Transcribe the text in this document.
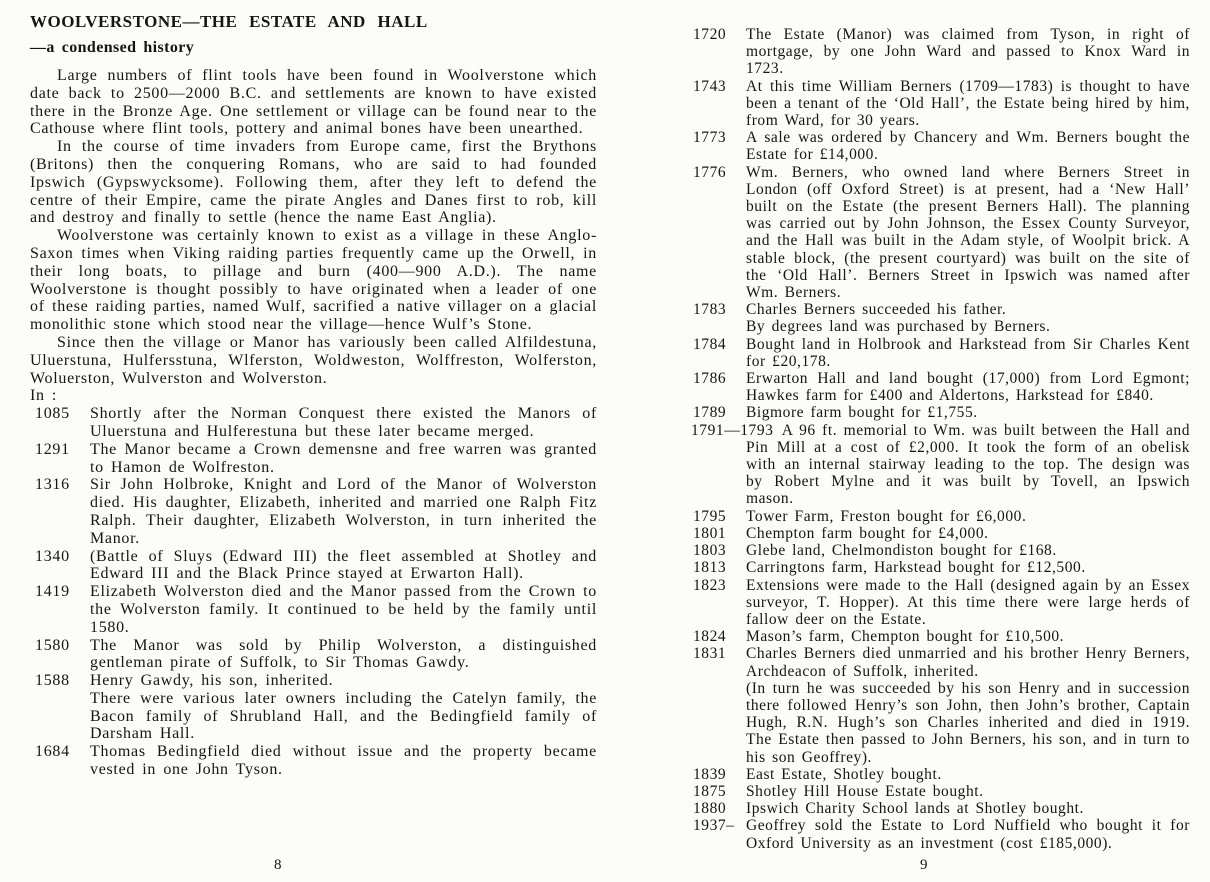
WOOLVERSTONE—THE ESTATE AND HALL
—a condensed history

Large numbers of flint tools have been found in Woolverstone which date back to 2500—2000 B.C. and settlements are known to have existed there in the Bronze Age. One settlement or village can be found near to the Cathouse where flint tools, pottery and animal bones have been unearthed.

In the course of time invaders from Europe came, first the Brythons (Britons) then the conquering Romans, who are said to had founded Ipswich (Gypswycksome). Following them, after they left to defend the centre of their Empire, came the pirate Angles and Danes first to rob, kill and destroy and finally to settle (hence the name East Anglia).

Woolverstone was certainly known to exist as a village in these Anglo-Saxon times when Viking raiding parties frequently came up the Orwell, in their long boats, to pillage and burn (400—900 A.D.). The name Woolverstone is thought possibly to have originated when a leader of one of these raiding parties, named Wulf, sacrified a native villager on a glacial monolithic stone which stood near the village—hence Wulf’s Stone.

Since then the village or Manor has variously been called Alfildestuna, Uluerstuna, Hulfersstuna, Wlferston, Woldweston, Wolffreston, Wolferston, Woluerston, Wulverston and Wolverston.

In :
1085	Shortly after the Norman Conquest there existed the Manors of Uluerstuna and Hulferestuna but these later became merged.
1291	The Manor became a Crown demensne and free warren was granted to Hamon de Wolfreston.
1316	Sir John Holbroke, Knight and Lord of the Manor of Wolverston died. His daughter, Elizabeth, inherited and married one Ralph Fitz Ralph. Their daughter, Elizabeth Wolverston, in turn inherited the Manor.
1340	(Battle of Sluys (Edward III) the fleet assembled at Shotley and Edward III and the Black Prince stayed at Erwarton Hall).
1419	Elizabeth Wolverston died and the Manor passed from the Crown to the Wolverston family. It continued to be held by the family until 1580.
1580	The Manor was sold by Philip Wolverston, a distinguished gentleman pirate of Suffolk, to Sir Thomas Gawdy.
1588	Henry Gawdy, his son, inherited.
There were various later owners including the Catelyn family, the Bacon family of Shrubland Hall, and the Bedingfield family of Darsham Hall.
1684	Thomas Bedingfield died without issue and the property became vested in one John Tyson.
8
1720	The Estate (Manor) was claimed from Tyson, in right of mortgage, by one John Ward and passed to Knox Ward in 1723.
1743	At this time William Berners (1709—1783) is thought to have been a tenant of the ‘Old Hall’, the Estate being hired by him, from Ward, for 30 years.
1773	A sale was ordered by Chancery and Wm. Berners bought the Estate for £14,000.
1776	Wm. Berners, who owned land where Berners Street in London (off Oxford Street) is at present, had a ‘New Hall’ built on the Estate (the present Berners Hall). The planning was carried out by John Johnson, the Essex County Surveyor, and the Hall was built in the Adam style, of Woolpit brick. A stable block, (the present courtyard) was built on the site of the ‘Old Hall’. Berners Street in Ipswich was named after Wm. Berners.
1783	Charles Berners succeeded his father.
By degrees land was purchased by Berners.
1784	Bought land in Holbrook and Harkstead from Sir Charles Kent for £20,178.
1786	Erwarton Hall and land bought (17,000) from Lord Egmont; Hawkes farm for £400 and Aldertons, Harkstead for £840.
1789	Bigmore farm bought for £1,755.
1791—1793 A 96 ft. memorial to Wm. was built between the Hall and Pin Mill at a cost of £2,000. It took the form of an obelisk with an internal stairway leading to the top. The design was by Robert Mylne and it was built by Tovell, an Ipswich mason.
1795	Tower Farm, Freston bought for £6,000.
1801	Chempton farm bought for £4,000.
1803	Glebe land, Chelmondiston bought for £168.
1813	Carringtons farm, Harkstead bought for £12,500.
1823	Extensions were made to the Hall (designed again by an Essex surveyor, T. Hopper). At this time there were large herds of fallow deer on the Estate.
1824	Mason’s farm, Chempton bought for £10,500.
1831	Charles Berners died unmarried and his brother Henry Berners, Archdeacon of Suffolk, inherited.
(In turn he was succeeded by his son Henry and in succession there followed Henry’s son John, then John’s brother, Captain Hugh, R.N. Hugh’s son Charles inherited and died in 1919. The Estate then passed to John Berners, his son, and in turn to his son Geoffrey).
1839	East Estate, Shotley bought.
1875	Shotley Hill House Estate bought.
1880	Ipswich Charity School lands at Shotley bought.
1937– Geoffrey sold the Estate to Lord Nuffield who bought it for Oxford University as an investment (cost £185,000).
9
